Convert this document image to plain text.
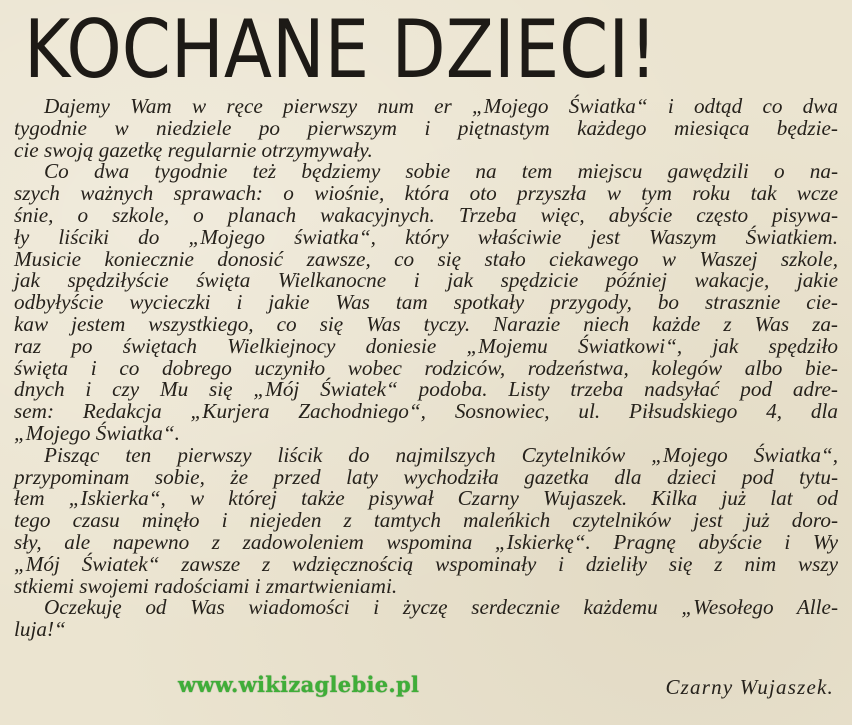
KOCHANE DZIECI!
Dajemy Wam w ręce pierwszy num er „Mojego Światka“ i odtąd co dwa
tygodnie w niedziele po pierwszym i piętnastym każdego miesiąca będzie-
cie swoją gazetkę regularnie otrzymywały.
Co dwa tygodnie też będziemy sobie na tem miejscu gawędzili o na-
szych ważnych sprawach: o wiośnie, która oto przyszła w tym roku tak wcze
śnie, o szkole, o planach wakacyjnych. Trzeba więc, abyście często pisywa-
ły liściki do „Mojego światka“, który właściwie jest Waszym Światkiem.
Musicie koniecznie donosić zawsze, co się stało ciekawego w Waszej szkole,
jak spędziłyście święta Wielkanocne i jak spędzicie później wakacje, jakie
odbyłyście wycieczki i jakie Was tam spotkały przygody, bo strasznie cie-
kaw jestem wszystkiego, co się Was tyczy. Narazie niech każde z Was za-
raz po świętach Wielkiejnocy doniesie „Mojemu Światkowi“, jak spędziło
święta i co dobrego uczyniło wobec rodziców, rodzeństwa, kolegów albo bie-
dnych i czy Mu się „Mój Światek“ podoba. Listy trzeba nadsyłać pod adre-
sem: Redakcja „Kurjera Zachodniego“, Sosnowiec, ul. Piłsudskiego 4, dla
„Mojego Światka“.
Pisząc ten pierwszy liścik do najmilszych Czytelników „Mojego Światka“,
przypominam sobie, że przed laty wychodziła gazetka dla dzieci pod tytu-
łem „Iskierka“, w której także pisywał Czarny Wujaszek. Kilka już lat od
tego czasu minęło i niejeden z tamtych maleńkich czytelników jest już doro-
sły, ale napewno z zadowoleniem wspomina „Iskierkę“. Pragnę abyście i Wy
„Mój Światek“ zawsze z wdzięcznością wspominały i dzieliły się z nim wszy
stkiemi swojemi radościami i zmartwieniami.
Oczekuję od Was wiadomości i życzę serdecznie każdemu „Wesołego Alle-
luja!“
www.wikizaglebie.pl	Czarny Wujaszek.
